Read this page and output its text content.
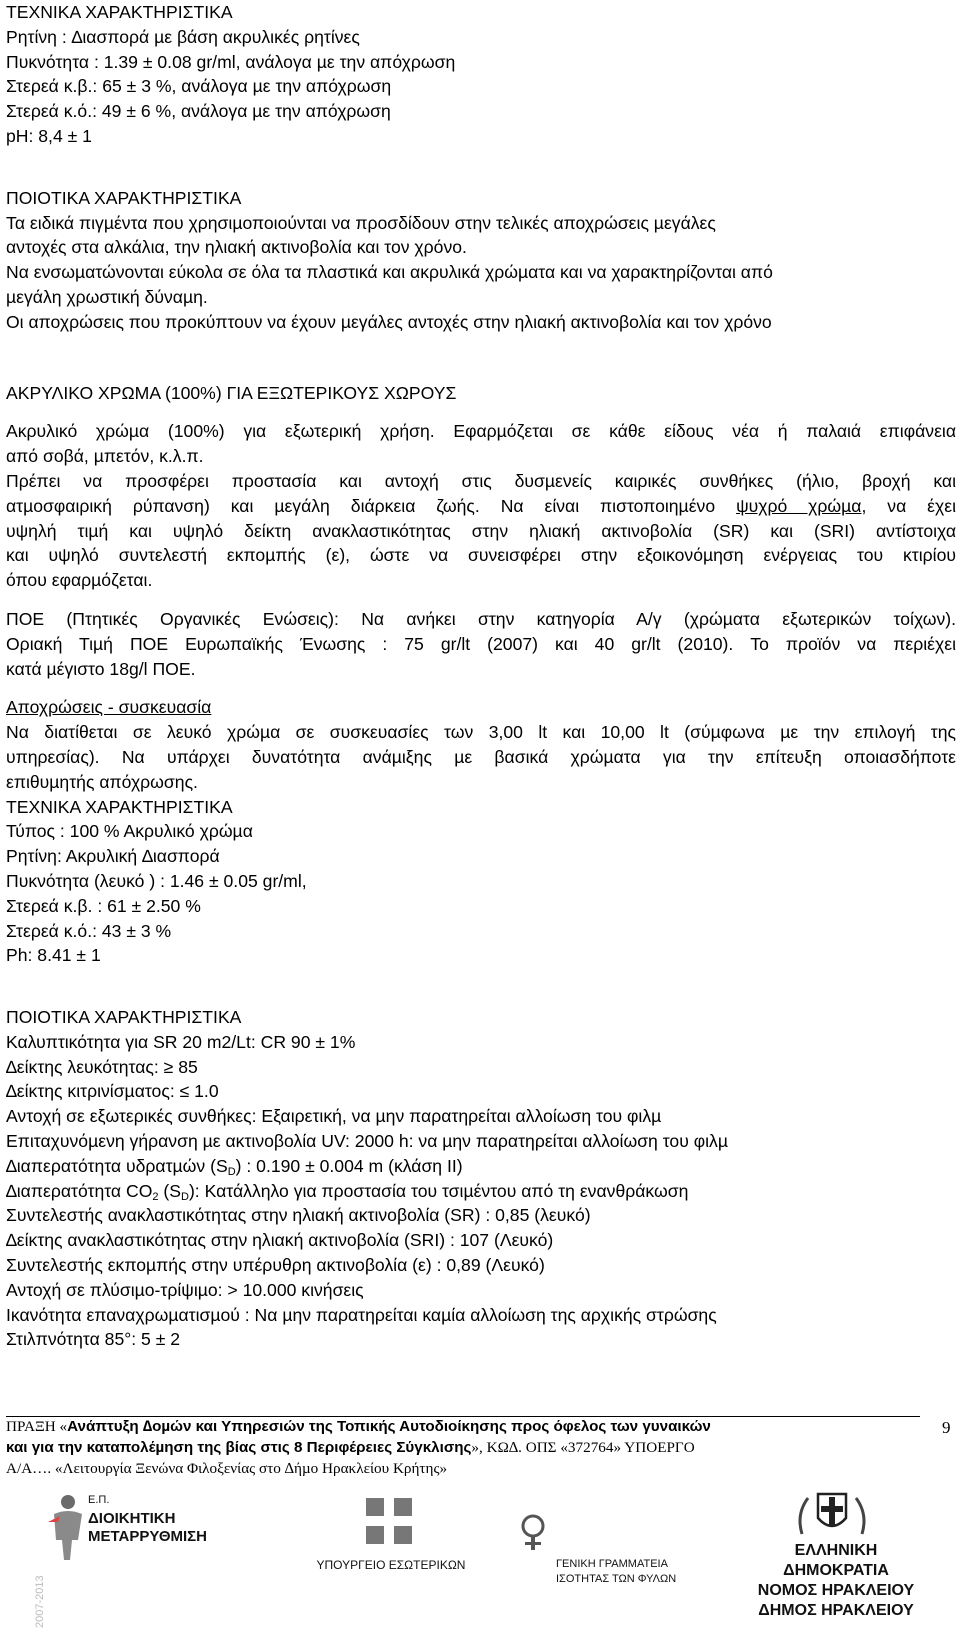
ΤΕΧΝΙΚΑ ΧΑΡΑΚΤΗΡΙΣΤΙΚΑ
Ρητίνη : ∆ιασπορά µε βάση ακρυλικές ρητίνες
Πυκνότητα : 1.39 ± 0.08 gr/ml, ανάλογα µε την απόχρωση
Στερεά κ.β.: 65 ± 3 %, ανάλογα µε την απόχρωση
Στερεά κ.ό.: 49 ± 6 %, ανάλογα µε την απόχρωση
pH: 8,4 ± 1
ΠΟΙΟΤΙΚΑ ΧΑΡΑΚΤΗΡΙΣΤΙΚΑ
Τα ειδικά πιγµέντα που χρησιµοποιούνται να προσδίδουν στην τελικές αποχρώσεις µεγάλες
αντοχές στα αλκάλια, την ηλιακή ακτινοβολία και τον χρόνο.
Να ενσωµατώνονται εύκολα σε όλα τα πλαστικά και ακρυλικά χρώµατα και να χαρακτηρίζονται από
µεγάλη χρωστική δύναµη.
Οι αποχρώσεις που προκύπτουν να έχουν µεγάλες αντοχές στην ηλιακή ακτινοβολία και τον χρόνο
ΑΚΡΥΛΙΚΟ ΧΡΩΜΑ (100%) ΓΙΑ ΕΞΩΤΕΡΙΚΟΥΣ ΧΩΡΟΥΣ
Ακρυλικό χρώµα (100%) για εξωτερική χρήση. Εφαρµόζεται σε κάθε είδους νέα ή παλαιά επιφάνεια
από σοβά, µπετόν, κ.λ.π.
Πρέπει να προσφέρει προστασία και αντοχή στις δυσµενείς καιρικές συνθήκες (ήλιο, βροχή και
ατµοσφαιρική ρύπανση) και µεγάλη διάρκεια ζωής. Να είναι πιστοποιηµένο ψυχρό χρώµα, να έχει
υψηλή τιµή και υψηλό δείκτη ανακλαστικότητας στην ηλιακή ακτινοβολία (SR) και (SRI) αντίστοιχα
και υψηλό συντελεστή εκποµπής (ε), ώστε να συνεισφέρει στην εξοικονόµηση ενέργειας του κτιρίου
όπου εφαρµόζεται.
ΠΟΕ (Πτητικές Οργανικές Ενώσεις): Να ανήκει στην κατηγορία Α/γ (χρώµατα εξωτερικών τοίχων).
Οριακή Τιµή ΠΟΕ Ευρωπαϊκής Ένωσης : 75 gr/lt (2007) και 40 gr/lt (2010). Το προϊόν να περιέχει
κατά µέγιστο 18g/l ΠΟΕ.
Αποχρώσεις - συσκευασία
Να διατίθεται σε λευκό χρώµα σε συσκευασίες των 3,00 lt και 10,00 lt (σύµφωνα µε την επιλογή της
υπηρεσίας). Να υπάρχει δυνατότητα ανάµιξης µε βασικά χρώµατα για την επίτευξη οποιασδήποτε
επιθυµητής απόχρωσης.
ΤΕΧΝΙΚΑ ΧΑΡΑΚΤΗΡΙΣΤΙΚΑ
Τύπος : 100 % Ακρυλικό χρώµα
Ρητίνη: Ακρυλική ∆ιασπορά
Πυκνότητα (λευκό ) : 1.46 ± 0.05 gr/ml,
Στερεά κ.β. : 61 ± 2.50 %
Στερεά κ.ό.: 43 ± 3 %
Ph: 8.41 ± 1
ΠΟΙΟΤΙΚΑ ΧΑΡΑΚΤΗΡΙΣΤΙΚΑ
Καλυπτικότητα για SR 20 m2/Lt: CR 90 ± 1%
∆είκτης λευκότητας: ≥ 85
∆είκτης κιτρινίσµατος: ≤ 1.0
Αντοχή σε εξωτερικές συνθήκες: Εξαιρετική, να µην παρατηρείται αλλοίωση του φιλµ
Επιταχυνόµενη γήρανση µε ακτινοβολία UV: 2000 h: να µην παρατηρείται αλλοίωση του φιλµ
∆ιαπερατότητα υδρατµών $(S_D)$ : 0.190 ± 0.004 m (κλάση II)
∆ιαπερατότητα $CO_2$ $(S_D)$: Κατάλληλο για προστασία του τσιµέντου από τη ενανθράκωση
Συντελεστής ανακλαστικότητας στην ηλιακή ακτινοβολία (SR) : 0,85 (λευκό)
∆είκτης ανακλαστικότητας στην ηλιακή ακτινοβολία (SRI) : 107 (Λευκό)
Συντελεστής εκποµπής στην υπέρυθρη ακτινοβολία (ε) : 0,89 (Λευκό)
Αντοχή σε πλύσιµο-τρίψιµο: > 10.000 κινήσεις
Ικανότητα επαναχρωµατισµού : Να µην παρατηρείται καµία αλλοίωση της αρχικής στρώσης
Στιλπνότητα 85°: 5 ± 2
ΠΡΑΞΗ «Ανάπτυξη ∆οµών και Υπηρεσιών της Τοπικής Αυτοδιοίκησης προς όφελος των γυναικών
και για την καταπολέµηση της βίας στις 8 Περιφέρειες Σύγκλισης», ΚΩ∆. ΟΠΣ «372764» ΥΠΟΕΡΓΟ
Α/Α…. «Λειτουργία Ξενώνα Φιλοξενίας στο ∆ήµο Ηρακλείου Κρήτης»
9
2007-2013
Ε.Π.
ΔΙΟΙΚΗΤΙΚΗ
ΜΕΤΑΡΡΥΘΜΙΣΗ
ΥΠΟΥΡΓΕΙΟ ΕΣΩΤΕΡΙΚΩΝ	ΓΕΝΙΚΗ ΓΡΑΜΜΑΤΕΙΑ
ΙΣΟΤΗΤΑΣ ΤΩΝ ΦΥΛΩΝ
ΕΛΛΗΝΙΚΗ
ΔΗΜΟΚΡΑΤΙΑ
ΝΟΜΟΣ ΗΡΑΚΛΕΙΟΥ
ΔΗΜΟΣ ΗΡΑΚΛΕΙΟΥ
